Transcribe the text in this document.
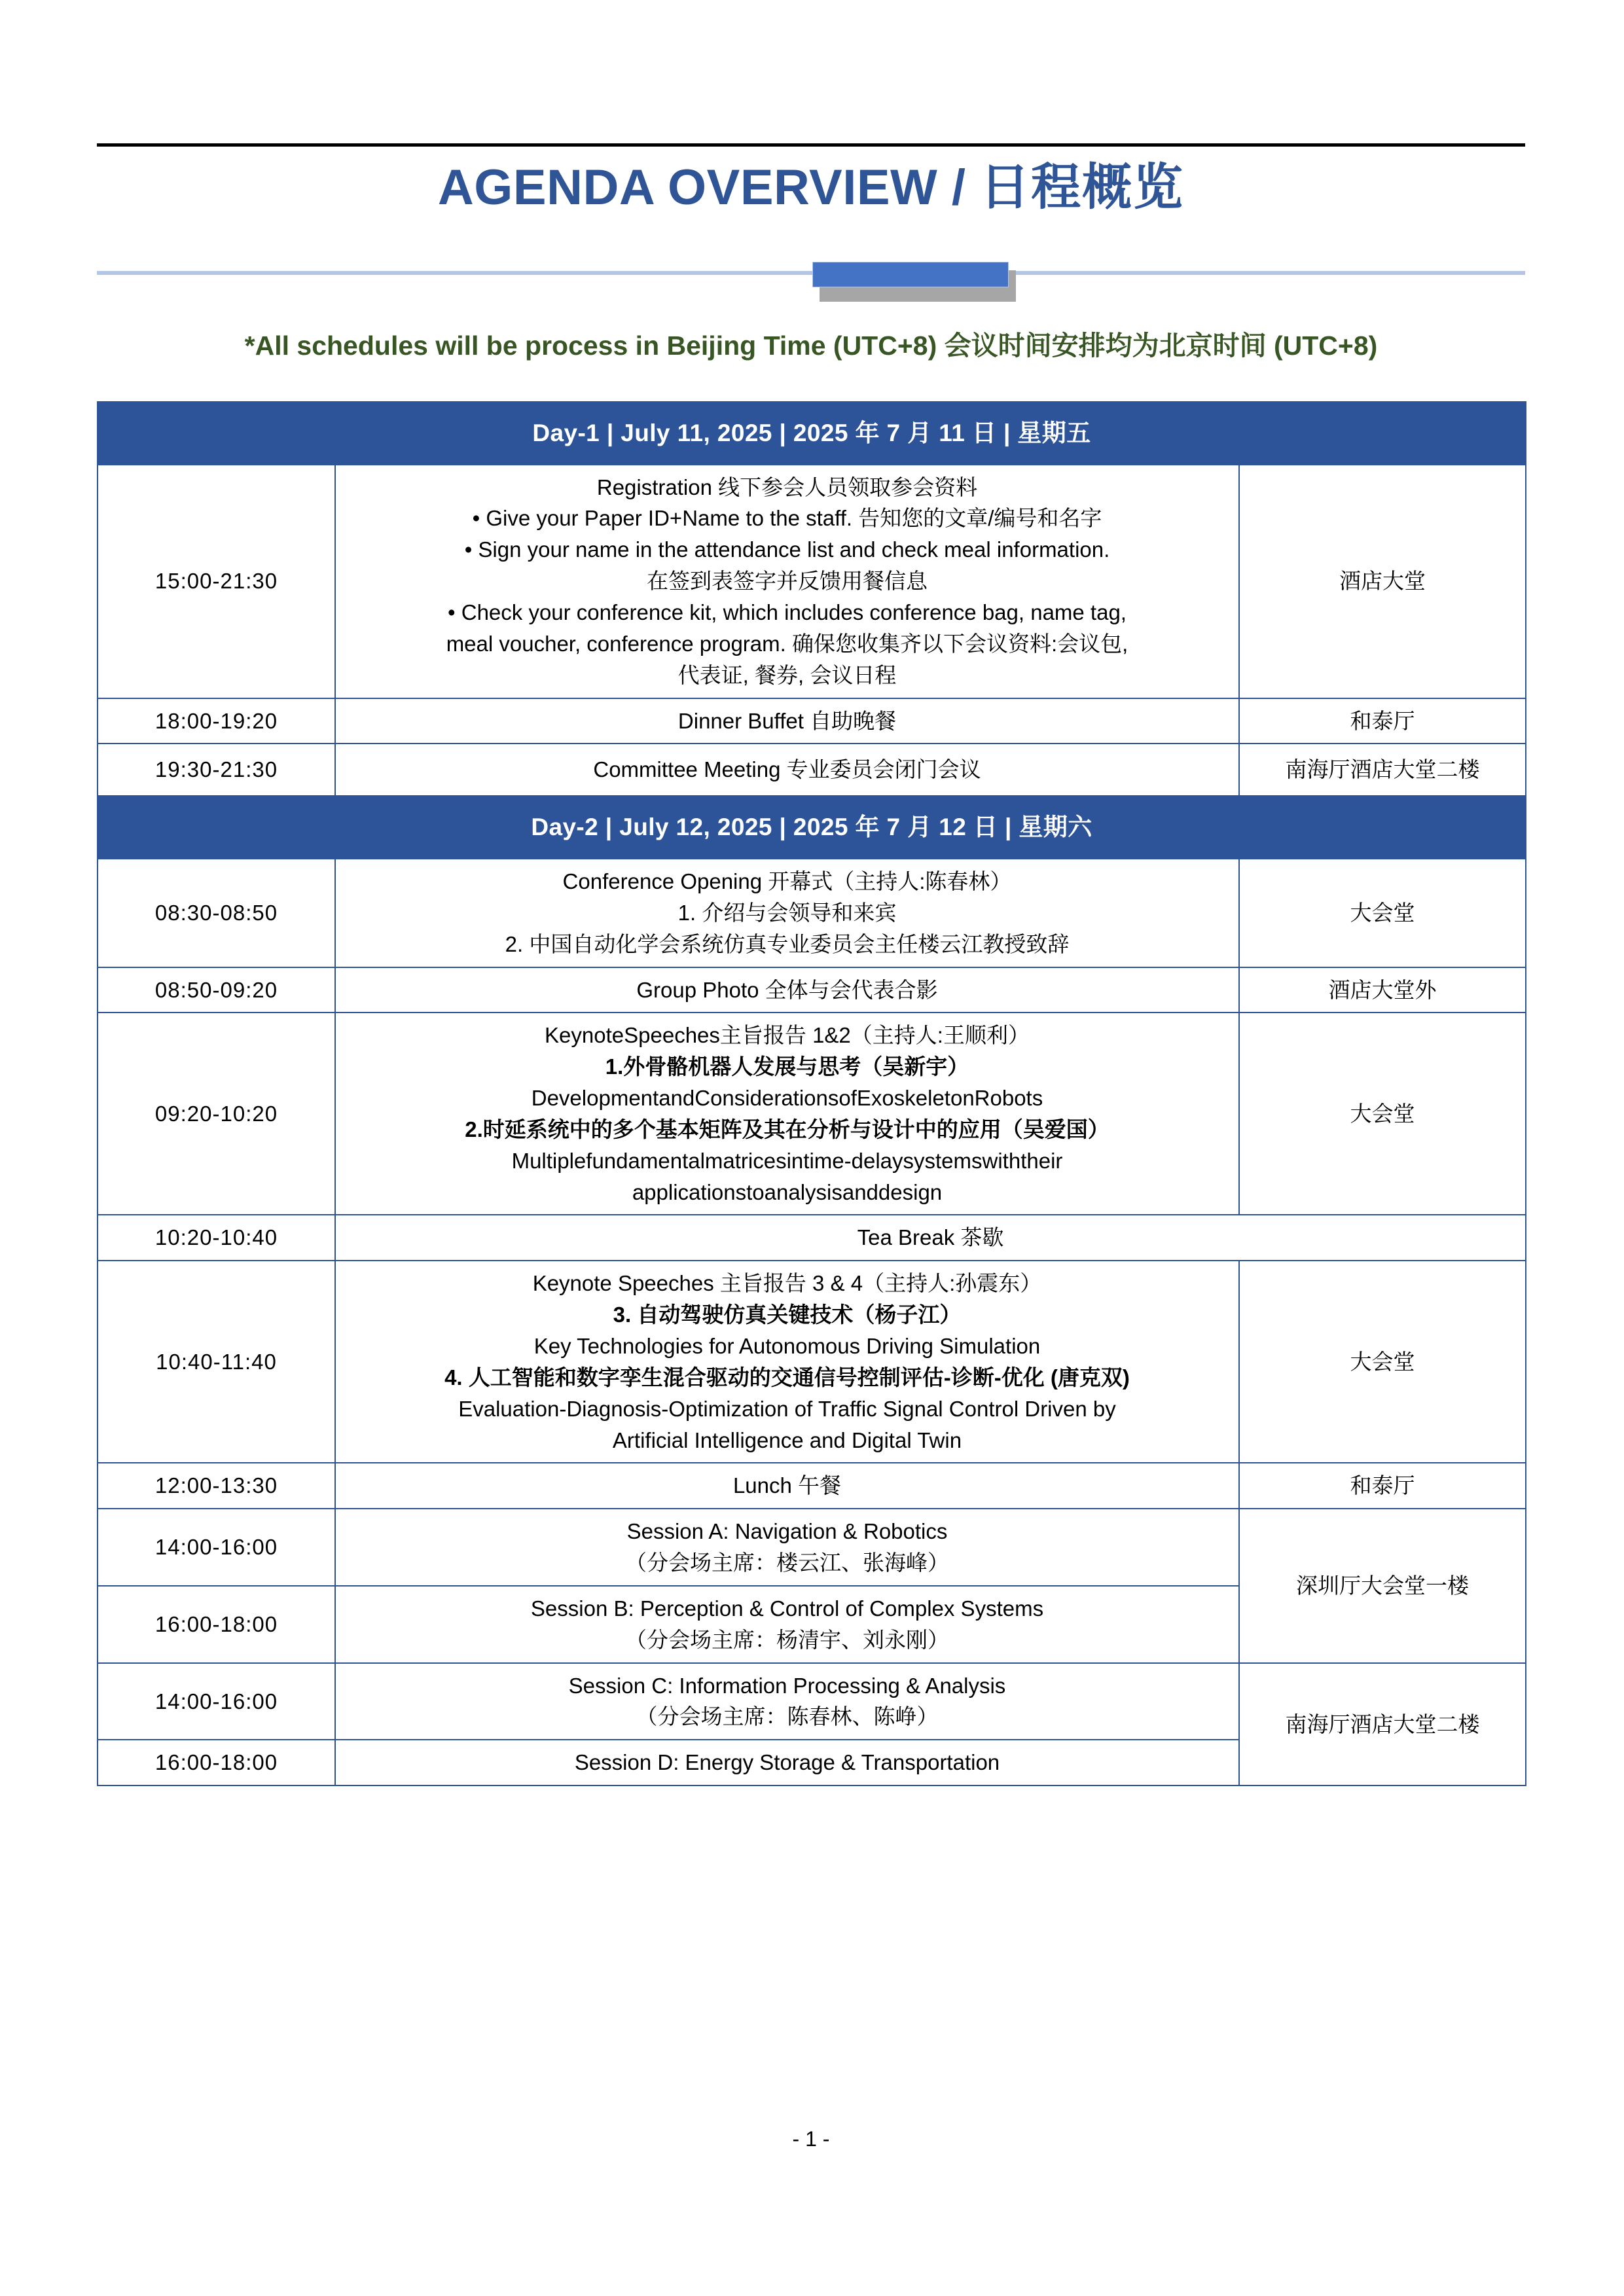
AGENDA OVERVIEW / 日程概览
*All schedules will be process in Beijing Time (UTC+8) 会议时间安排均为北京时间 (UTC+8)
Day-1 | July 11, 2025 | 2025 年 7 月 11 日 | 星期五		
15:00-21:30	
Registration 线下参会人员领取参会资料
• Give your Paper ID+Name to the staff. 告知您的文章/编号和名字
• Sign your name in the attendance list and check meal information.
在签到表签字并反馈用餐信息
• Check your conference kit, which includes conference bag, name tag,
meal voucher, conference program. 确保您收集齐以下会议资料:会议包,
代表证, 餐券, 会议日程
	酒店大堂
18:00-19:20	Dinner Buffet 自助晚餐	和泰厅
19:30-21:30	Committee Meeting 专业委员会闭门会议	南海厅酒店大堂二楼
Day-2 | July 12, 2025 | 2025 年 7 月 12 日 | 星期六		
08:30-08:50	Conference Opening 开幕式（主持人:陈春林）
1. 介绍与会领导和来宾
2. 中国自动化学会系统仿真专业委员会主任楼云江教授致辞	大会堂
08:50-09:20	Group Photo 全体与会代表合影	酒店大堂外
09:20-10:20	
KeynoteSpeeches主旨报告 1&2（主持人:王顺利）
1.外骨骼机器人发展与思考（吴新宇）
DevelopmentandConsiderationsofExoskeletonRobots
2.时延系统中的多个基本矩阵及其在分析与设计中的应用（吴爱国）
Multiplefundamentalmatricesintime-delaysystemswiththeir
applicationstoanalysisanddesign
	大会堂
10:20-10:40	Tea Break 茶歇	

10:40-11:40	
Keynote Speeches 主旨报告 3 & 4（主持人:孙震东）
3. 自动驾驶仿真关键技术（杨子江）
Key Technologies for Autonomous Driving Simulation
4. 人工智能和数字孪生混合驱动的交通信号控制评估-诊断-优化 (唐克双)
Evaluation-Diagnosis-Optimization of Traffic Signal Control Driven by
Artificial Intelligence and Digital Twin
	大会堂
12:00-13:30	Lunch 午餐	和泰厅
14:00-16:00	Session A: Navigation & Robotics
（分会场主席：楼云江、张海峰）	深圳厅大会堂一楼
16:00-18:00	Session B: Perception & Control of Complex Systems
（分会场主席：杨清宇、刘永刚）	

14:00-16:00	Session C: Information Processing & Analysis
（分会场主席：陈春林、陈峥）	南海厅酒店大堂二楼
16:00-18:00	Session D: Energy Storage & Transportation	
- 1 -
